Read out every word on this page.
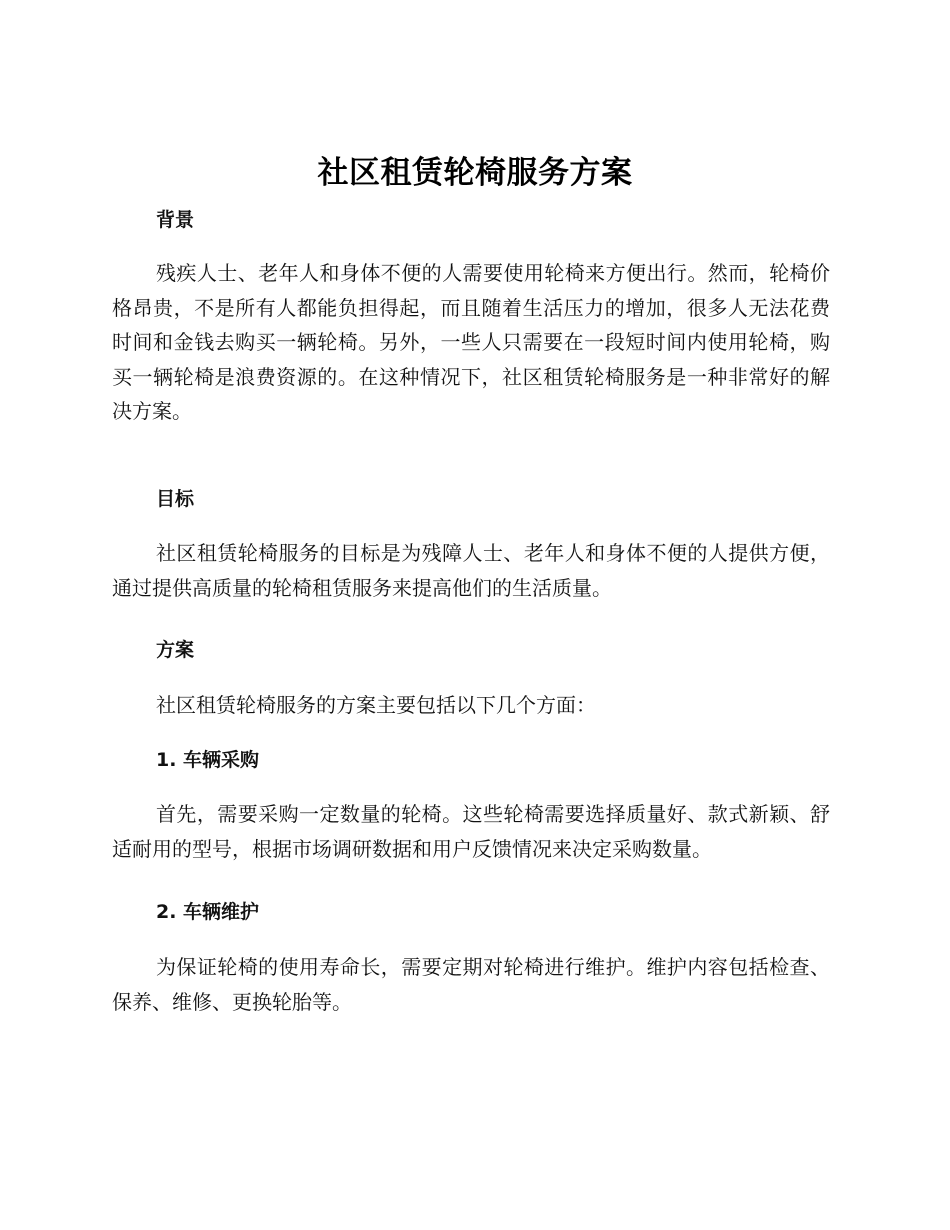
社区租赁轮椅服务方案
背景
残疾人士、老年人和身体不便的人需要使用轮椅来方便出行。然而，轮椅价格昂贵，不是所有人都能负担得起，而且随着生活压力的增加，很多人无法花费时间和金钱去购买一辆轮椅。另外，一些人只需要在一段短时间内使用轮椅，购买一辆轮椅是浪费资源的。在这种情况下，社区租赁轮椅服务是一种非常好的解决方案。
目标
社区租赁轮椅服务的目标是为残障人士、老年人和身体不便的人提供方便，通过提供高质量的轮椅租赁服务来提高他们的生活质量。
方案
社区租赁轮椅服务的方案主要包括以下几个方面：
1. 车辆采购
首先，需要采购一定数量的轮椅。这些轮椅需要选择质量好、款式新颖、舒适耐用的型号，根据市场调研数据和用户反馈情况来决定采购数量。
2. 车辆维护
为保证轮椅的使用寿命长，需要定期对轮椅进行维护。维护内容包括检查、保养、维修、更换轮胎等。
